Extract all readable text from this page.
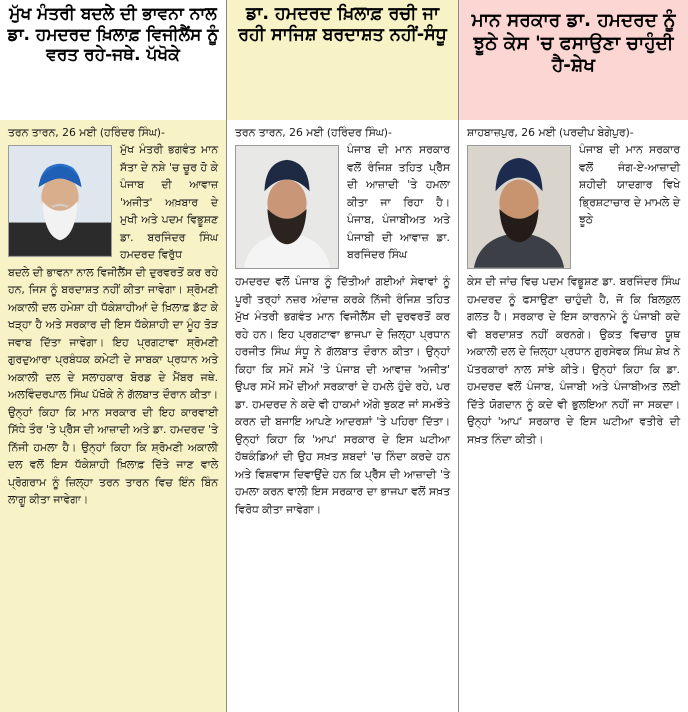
ਮੁੱਖ ਮੰਤਰੀ ਬਦਲੇ ਦੀ ਭਾਵਨਾ ਨਾਲ ਡਾ. ਹਮਦਰਦ ਖ਼ਿਲਾਫ਼ ਵਿਜੀਲੈਂਸ ਨੂੰ ਵਰਤ ਰਹੇ-ਜਥੇ. ਪੱਖੋਕੇ
ਤਰਨ ਤਾਰਨ, 26 ਮਈ (ਹਰਿੰਦਰ ਸਿੰਘ)-
ਮੁੱਖ ਮੰਤਰੀ ਭਗਵੰਤ ਮਾਨ ਸੱਤਾ ਦੇ ਨਸ਼ੇ 'ਚ ਚੂਰ ਹੋ ਕੇ ਪੰਜਾਬ ਦੀ ਆਵਾਜ਼ 'ਅਜੀਤ' ਅਖ਼ਬਾਰ ਦੇ ਮੁਖੀ ਅਤੇ ਪਦਮ ਵਿਭੂਸ਼ਣ ਡਾ. ਬਰਜਿੰਦਰ ਸਿੰਘ ਹਮਦਰਦ ਵਿਰੁੱਧ

ਬਦਲੇ ਦੀ ਭਾਵਨਾ ਨਾਲ ਵਿਜੀਲੈਂਸ ਦੀ ਦੁਰਵਰਤੋਂ ਕਰ ਰਹੇ ਹਨ, ਜਿਸ ਨੂੰ ਬਰਦਾਸ਼ਤ ਨਹੀਂ ਕੀਤਾ ਜਾਵੇਗਾ। ਸ਼੍ਰੋਮਣੀ ਅਕਾਲੀ ਦਲ ਹਮੇਸ਼ਾ ਹੀ ਧੱਕੇਸ਼ਾਹੀਆਂ ਦੇ ਖ਼ਿਲਾਫ਼ ਡੱਟ ਕੇ ਖੜ੍ਹਾ ਹੈ ਅਤੇ ਸਰਕਾਰ ਦੀ ਇਸ ਧੱਕੇਸ਼ਾਹੀ ਦਾ ਮੂੰਹ ਤੋੜ ਜਵਾਬ ਦਿੱਤਾ ਜਾਵੇਗਾ। ਇਹ ਪ੍ਰਗਟਾਵਾ ਸ਼੍ਰੋਮਣੀ ਗੁਰਦੁਆਰਾ ਪ੍ਰਬੰਧਕ ਕਮੇਟੀ ਦੇ ਸਾਬਕਾ ਪ੍ਰਧਾਨ ਅਤੇ ਅਕਾਲੀ ਦਲ ਦੇ ਸਲਾਹਕਾਰ ਬੋਰਡ ਦੇ ਮੈਂਬਰ ਜਥੇ. ਅਲਵਿੰਦਰਪਾਲ ਸਿੰਘ ਪੱਖੋਕੇ ਨੇ ਗੱਲਬਾਤ ਦੌਰਾਨ ਕੀਤਾ। ਉਨ੍ਹਾਂ ਕਿਹਾ ਕਿ ਮਾਨ ਸਰਕਾਰ ਦੀ ਇਹ ਕਾਰਵਾਈ ਸਿੱਧੇ ਤੌਰ 'ਤੇ ਪ੍ਰੈੱਸ ਦੀ ਆਜ਼ਾਦੀ ਅਤੇ ਡਾ. ਹਮਦਰਦ 'ਤੇ ਨਿੱਜੀ ਹਮਲਾ ਹੈ। ਉਨ੍ਹਾਂ ਕਿਹਾ ਕਿ ਸ਼੍ਰੋਮਣੀ ਅਕਾਲੀ ਦਲ ਵਲੋਂ ਇਸ ਧੱਕੇਸ਼ਾਹੀ ਖ਼ਿਲਾਫ਼ ਦਿੱਤੇ ਜਾਣ ਵਾਲੇ ਪ੍ਰੋਗਰਾਮ ਨੂੰ ਜ਼ਿਲ੍ਹਾ ਤਰਨ ਤਾਰਨ ਵਿਚ ਇੰਨ ਬਿੰਨ ਲਾਗੂ ਕੀਤਾ ਜਾਵੇਗਾ।

ਡਾ. ਹਮਦਰਦ ਖ਼ਿਲਾਫ਼ ਰਚੀ ਜਾ ਰਹੀ ਸਾਜਿਸ਼ ਬਰਦਾਸ਼ਤ ਨਹੀਂ-ਸੰਧੂ
ਤਰਨ ਤਾਰਨ, 26 ਮਈ (ਹਰਿੰਦਰ ਸਿੰਘ)-
ਪੰਜਾਬ ਦੀ ਮਾਨ ਸਰਕਾਰ ਵਲੋਂ ਰੰਜਿਸ਼ ਤਹਿਤ ਪ੍ਰੈੱਸ ਦੀ ਆਜ਼ਾਦੀ 'ਤੇ ਹਮਲਾ ਕੀਤਾ ਜਾ ਰਿਹਾ ਹੈ। ਪੰਜਾਬ, ਪੰਜਾਬੀਅਤ ਅਤੇ ਪੰਜਾਬੀ ਦੀ ਆਵਾਜ਼ ਡਾ. ਬਰਜਿੰਦਰ ਸਿੰਘ

ਹਮਦਰਦ ਵਲੋਂ ਪੰਜਾਬ ਨੂੰ ਦਿੱਤੀਆਂ ਗਈਆਂ ਸੇਵਾਵਾਂ ਨੂੰ ਪੂਰੀ ਤਰ੍ਹਾਂ ਨਜ਼ਰ ਅੰਦਾਜ਼ ਕਰਕੇ ਨਿੱਜੀ ਰੰਜਿਸ਼ ਤਹਿਤ ਮੁੱਖ ਮੰਤਰੀ ਭਗਵੰਤ ਮਾਨ ਵਿਜੀਲੈਂਸ ਦੀ ਦੁਰਵਰਤੋਂ ਕਰ ਰਹੇ ਹਨ। ਇਹ ਪ੍ਰਗਟਾਵਾ ਭਾਜਪਾ ਦੇ ਜ਼ਿਲ੍ਹਾ ਪ੍ਰਧਾਨ ਹਰਜੀਤ ਸਿੰਘ ਸੰਧੂ ਨੇ ਗੱਲਬਾਤ ਦੌਰਾਨ ਕੀਤਾ। ਉਨ੍ਹਾਂ ਕਿਹਾ ਕਿ ਸਮੇਂ ਸਮੇਂ 'ਤੇ ਪੰਜਾਬ ਦੀ ਆਵਾਜ਼ 'ਅਜੀਤ' ਉਪਰ ਸਮੇਂ ਸਮੇਂ ਦੀਆਂ ਸਰਕਾਰਾਂ ਦੇ ਹਮਲੇ ਹੁੰਦੇ ਰਹੇ, ਪਰ ਡਾ. ਹਮਦਰਦ ਨੇ ਕਦੇ ਵੀ ਹਾਕਮਾਂ ਅੱਗੇ ਝੁਕਣ ਜਾਂ ਸਮਝੌਤੇ ਕਰਨ ਦੀ ਬਜਾਇ ਆਪਣੇ ਆਦਰਸ਼ਾਂ 'ਤੇ ਪਹਿਰਾ ਦਿੱਤਾ। ਉਨ੍ਹਾਂ ਕਿਹਾ ਕਿ 'ਆਪ' ਸਰਕਾਰ ਦੇ ਇਸ ਘਟੀਆ ਹੱਥਕੰਡਿਆਂ ਦੀ ਉਹ ਸਖ਼ਤ ਸ਼ਬਦਾਂ 'ਚ ਨਿੰਦਾ ਕਰਦੇ ਹਨ ਅਤੇ ਵਿਸ਼ਵਾਸ ਦਿਵਾਉਂਦੇ ਹਨ ਕਿ ਪ੍ਰੈੱਸ ਦੀ ਆਜ਼ਾਦੀ 'ਤੇ ਹਮਲਾ ਕਰਨ ਵਾਲੀ ਇਸ ਸਰਕਾਰ ਦਾ ਭਾਜਪਾ ਵਲੋਂ ਸਖ਼ਤ ਵਿਰੋਧ ਕੀਤਾ ਜਾਵੇਗਾ।

ਮਾਨ ਸਰਕਾਰ ਡਾ. ਹਮਦਰਦ ਨੂੰ ਝੂਠੇ ਕੇਸ 'ਚ ਫਸਾਉਣਾ ਚਾਹੁੰਦੀ ਹੈ-ਸ਼ੇਖ
ਸ਼ਾਹਬਾਜ਼ਪੁਰ, 26 ਮਈ (ਪਰਦੀਪ ਬੇਗੇਪੁਰ)-
ਪੰਜਾਬ ਦੀ ਮਾਨ ਸਰਕਾਰ ਵਲੋਂ ਜੰਗ-ਏ-ਆਜ਼ਾਦੀ ਸ਼ਹੀਦੀ ਯਾਦਗਾਰ ਵਿਖੇ ਭ੍ਰਿਸ਼ਟਾਚਾਰ ਦੇ ਮਾਮਲੇ ਦੇ ਝੂਠੇ

ਕੇਸ ਦੀ ਜਾਂਚ ਵਿਚ ਪਦਮ ਵਿਭੂਸ਼ਣ ਡਾ. ਬਰਜਿੰਦਰ ਸਿੰਘ ਹਮਦਰਦ ਨੂੰ ਫਸਾਉਣਾ ਚਾਹੁੰਦੀ ਹੈ, ਜੋ ਕਿ ਬਿਲਕੁਲ ਗਲਤ ਹੈ। ਸਰਕਾਰ ਦੇ ਇਸ ਕਾਰਨਾਮੇ ਨੂੰ ਪੰਜਾਬੀ ਕਦੇ ਵੀ ਬਰਦਾਸ਼ਤ ਨਹੀਂ ਕਰਨਗੇ। ਉਕਤ ਵਿਚਾਰ ਯੂਥ ਅਕਾਲੀ ਦਲ ਦੇ ਜ਼ਿਲ੍ਹਾ ਪ੍ਰਧਾਨ ਗੁਰਸੇਵਕ ਸਿੰਘ ਸ਼ੇਖ ਨੇ ਪੱਤਰਕਾਰਾਂ ਨਾਲ ਸਾਂਝੇ ਕੀਤੇ। ਉਨ੍ਹਾਂ ਕਿਹਾ ਕਿ ਡਾ. ਹਮਦਰਦ ਵਲੋਂ ਪੰਜਾਬ, ਪੰਜਾਬੀ ਅਤੇ ਪੰਜਾਬੀਅਤ ਲਈ ਦਿੱਤੇ ਯੋਗਦਾਨ ਨੂੰ ਕਦੇ ਵੀ ਭੁਲਇਆ ਨਹੀਂ ਜਾ ਸਕਦਾ। ਉਨ੍ਹਾਂ 'ਆਪ' ਸਰਕਾਰ ਦੇ ਇਸ ਘਟੀਆ ਵਤੀਰੇ ਦੀ ਸਖ਼ਤ ਨਿੰਦਾ ਕੀਤੀ।
